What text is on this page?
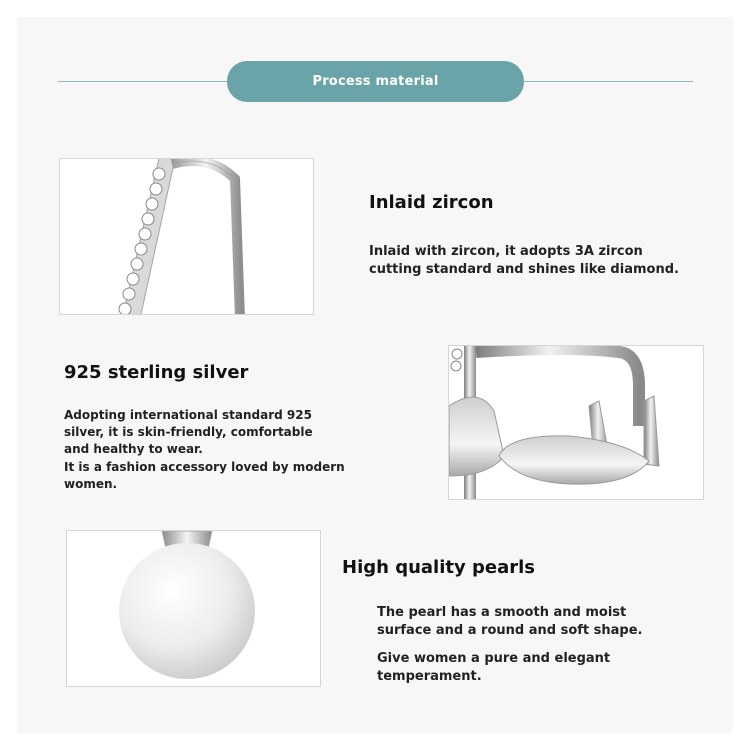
Process material
Inlaid zircon
Inlaid with zircon, it adopts 3A zircon
cutting standard and shines like diamond.
925 sterling silver
Adopting international standard 925
silver, it is skin-friendly, comfortable
and healthy to wear.
It is a fashion accessory loved by modern
women.
High quality pearls
The pearl has a smooth and moist
surface and a round and soft shape.
Give women a pure and elegant
temperament.
